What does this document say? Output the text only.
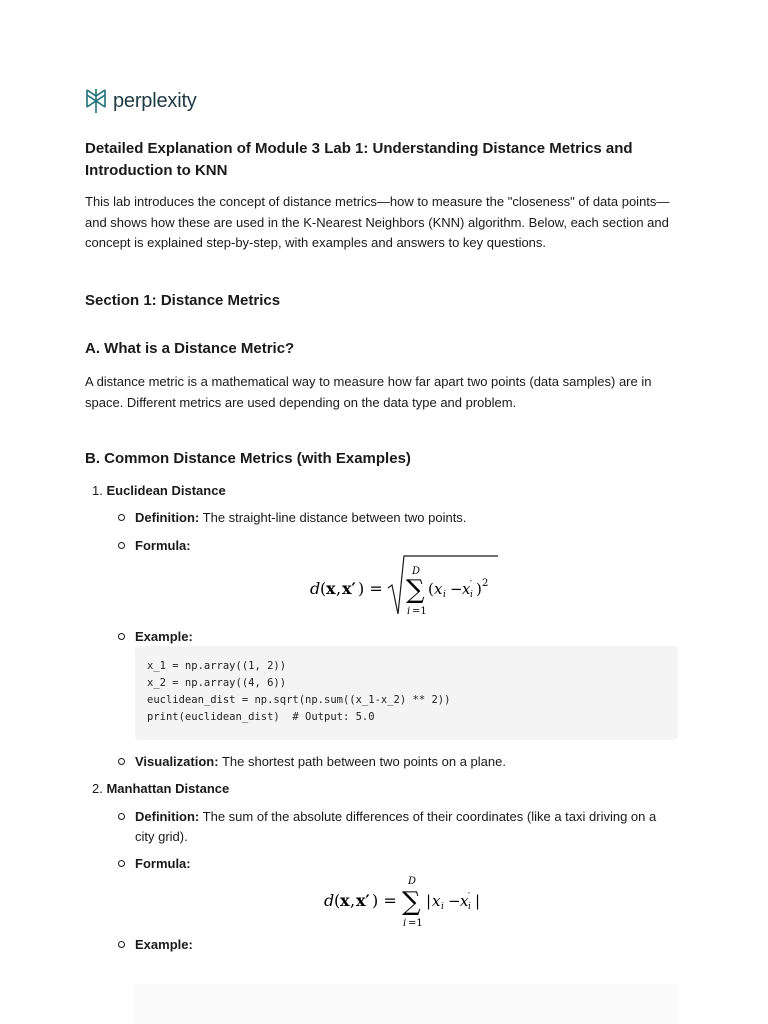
perplexity
Detailed Explanation of Module 3 Lab 1: Understanding Distance Metrics and Introduction to KNN

This lab introduces the concept of distance metrics—how to measure the "closeness" of data points—and shows how these are used in the K-Nearest Neighbors (KNN) algorithm. Below, each section and concept is explained step-by-step, with examples and answers to key questions.

Section 1: Distance Metrics
A. What is a Distance Metric?

A distance metric is a mathematical way to measure how far apart two points (data samples) are in space. Different metrics are used depending on the data type and problem.

B. Common Distance Metrics (with Examples)
1. Euclidean Distance
Definition: The straight-line distance between two points.
Formula:
d ( x , x′ ) =
D
∑
i =1
( x i − x ′
i ) 2
Example:
x_1 = np.array((1, 2))
x_2 = np.array((4, 6))
euclidean_dist = np.sqrt(np.sum((x_1-x_2) ** 2))
print(euclidean_dist)  # Output: 5.0
Visualization: The shortest path between two points on a plane.
2. Manhattan Distance
Definition: The sum of the absolute differences of their coordinates (like a taxi driving on a city grid).
Formula:
d ( x , x′ ) =
D
∑
i =1
| x i − x ′
i |
Example:
